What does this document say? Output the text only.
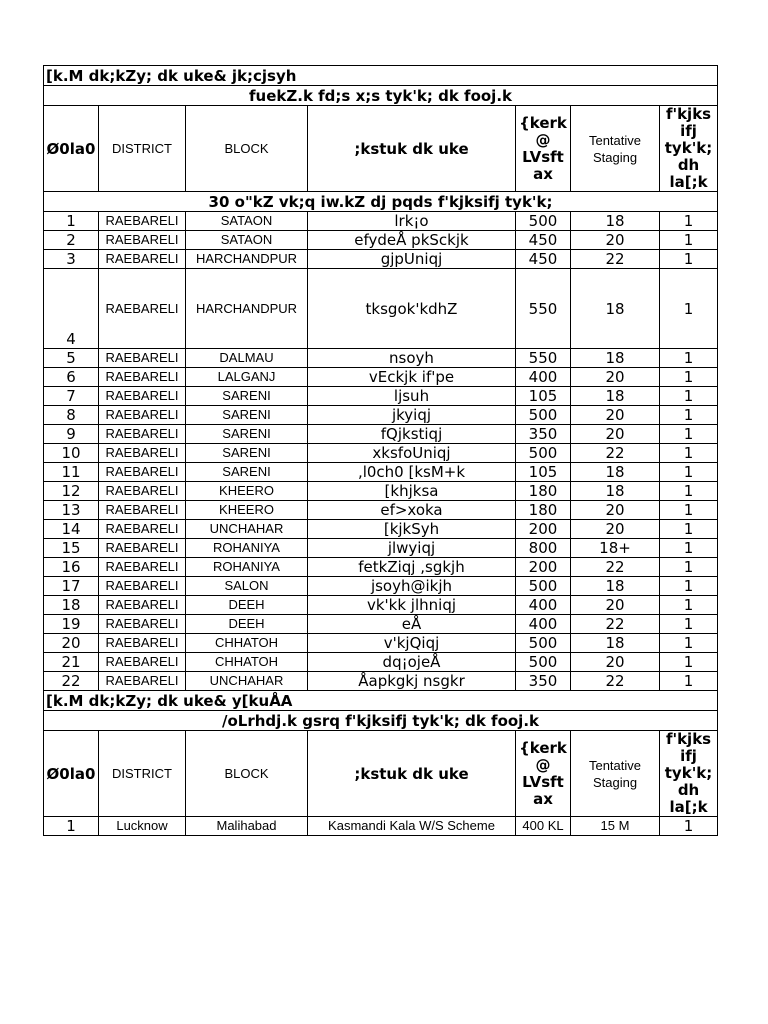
[k.M dk;kZy; dk uke& jk;cjsyh						
fuekZ.k fd;s x;s tyk'k; dk fooj.k						
Ø0la0	DISTRICT	BLOCK	;kstuk dk uke	{kerk @ LVsft ax	Tentative Staging	f'kjks ifj tyk'k; dh la[;k
30 o"kZ vk;q iw.kZ dj pqds f'kjksifj tyk'k;						
1	RAEBARELI	SATAON	lrk¡o	500	18	1
2	RAEBARELI	SATAON	efydeÅ pkSckjk	450	20	1
3	RAEBARELI	HARCHANDPUR	gjpUniqj	450	22	1
4	RAEBARELI	HARCHANDPUR	tksgok'kdhZ	550	18	1
5	RAEBARELI	DALMAU	nsoyh	550	18	1
6	RAEBARELI	LALGANJ	vEckjk if'pe	400	20	1
7	RAEBARELI	SARENI	ljsuh	105	18	1
8	RAEBARELI	SARENI	jkyiqj	500	20	1
9	RAEBARELI	SARENI	fQjkstiqj	350	20	1
10	RAEBARELI	SARENI	xksfoUniqj	500	22	1
11	RAEBARELI	SARENI	,l0ch0 [ksM+k	105	18	1
12	RAEBARELI	KHEERO	[khjksa	180	18	1
13	RAEBARELI	KHEERO	ef>xoka	180	20	1
14	RAEBARELI	UNCHAHAR	[kjkSyh	200	20	1
15	RAEBARELI	ROHANIYA	jlwyiqj	800	18+	1
16	RAEBARELI	ROHANIYA	fetkZiqj ,sgkjh	200	22	1
17	RAEBARELI	SALON	jsoyh@ikjh	500	18	1
18	RAEBARELI	DEEH	vk'kk jlhniqj	400	20	1
19	RAEBARELI	DEEH	eÅ	400	22	1
20	RAEBARELI	CHHATOH	v'kjQiqj	500	18	1
21	RAEBARELI	CHHATOH	dq¡ojeÅ	500	20	1
22	RAEBARELI	UNCHAHAR	Åapkgkj nsgkr	350	22	1
[k.M dk;kZy; dk uke& y[kuÅA						
/oLrhdj.k gsrq f'kjksifj tyk'k; dk fooj.k						
Ø0la0	DISTRICT	BLOCK	;kstuk dk uke	{kerk @ LVsft ax	Tentative Staging	f'kjks ifj tyk'k; dh la[;k
1	Lucknow	Malihabad	Kasmandi Kala W/S Scheme	400 KL	15 M	1
